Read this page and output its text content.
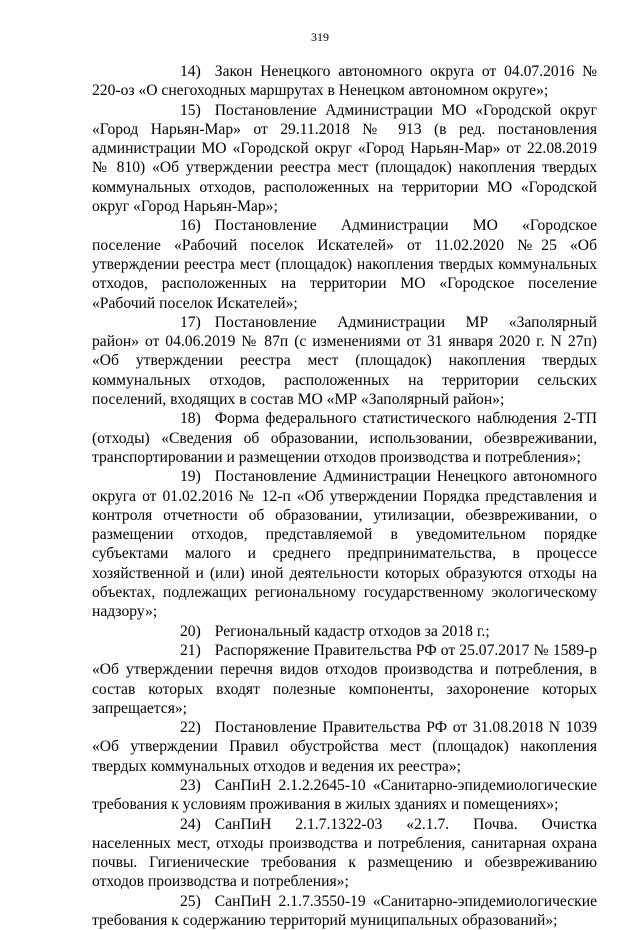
319

14) Закон Ненецкого автономного округа от 04.07.2016 № 220-оз «О снегоходных маршрутах в Ненецком автономном округе»;

15) Постановление Администрации МО «Городской округ «Город Нарьян-Мар» от 29.11.2018 № 913 (в ред. постановления администрации МО «Городской округ «Город Нарьян-Мар» от 22.08.2019 № 810) «Об утверждении реестра мест (площадок) накопления твердых коммунальных отходов, расположенных на территории МО «Городской округ «Город Нарьян-Мар»;

16) Постановление Администрации МО «Городское поселение «Рабочий поселок Искателей» от 11.02.2020 №25 «Об утверждении реестра мест (площадок) накопления твердых коммунальных отходов, расположенных на территории МО «Городское поселение «Рабочий поселок Искателей»;

17) Постановление Администрации МР «Заполярный район» от 04.06.2019 № 87п (с изменениями от 31 января 2020 г. N 27п) «Об утверждении реестра мест (площадок) накопления твердых коммунальных отходов, расположенных на территории сельских поселений, входящих в состав МО «МР «Заполярный район»;

18) Форма федерального статистического наблюдения 2-ТП (отходы) «Сведения об образовании, использовании, обезвреживании, транспортировании и размещении отходов производства и потребления»;

19) Постановление Администрации Ненецкого автономного округа от 01.02.2016 № 12-п «Об утверждении Порядка представления и контроля отчетности об образовании, утилизации, обезвреживании, о размещении отходов, представляемой в уведомительном порядке субъектами малого и среднего предпринимательства, в процессе хозяйственной и (или) иной деятельности которых образуются отходы на объектах, подлежащих региональному государственному экологическому надзору»;

20) Региональный кадастр отходов за 2018 г.;

21) Распоряжение Правительства РФ от 25.07.2017 № 1589-р «Об утверждении перечня видов отходов производства и потребления, в состав которых входят полезные компоненты, захоронение которых запрещается»;

22) Постановление Правительства РФ от 31.08.2018 N 1039 «Об утверждении Правил обустройства мест (площадок) накопления твердых коммунальных отходов и ведения их реестра»;

23) СанПиН 2.1.2.2645-10 «Санитарно-эпидемиологические требования к условиям проживания в жилых зданиях и помещениях»;

24) СанПиН 2.1.7.1322-03 «2.1.7. Почва. Очистка населенных мест, отходы производства и потребления, санитарная охрана почвы. Гигиенические требования к размещению и обезвреживанию отходов производства и потребления»;

25) СанПиН 2.1.7.3550-19 «Санитарно-эпидемиологические требования к содержанию территорий муниципальных образований»;
